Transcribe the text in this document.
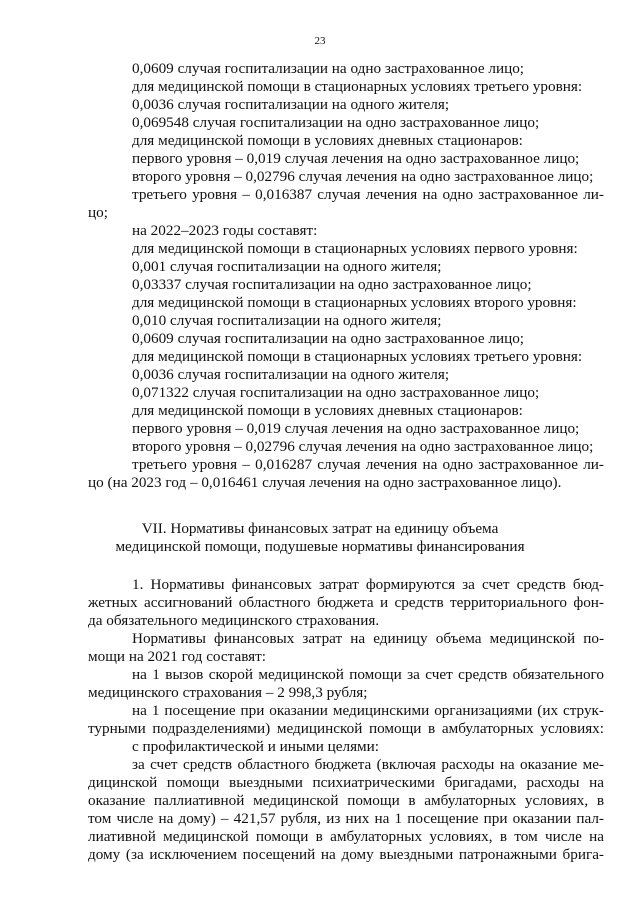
23
0,0609 случая госпитализации на одно застрахованное лицо;
для медицинской помощи в стационарных условиях третьего уровня:
0,0036 случая госпитализации на одного жителя;
0,069548 случая госпитализации на одно застрахованное лицо;
для медицинской помощи в условиях дневных стационаров:
первого уровня – 0,019 случая лечения на одно застрахованное лицо;
второго уровня – 0,02796 случая лечения на одно застрахованное лицо;
третьего уровня – 0,016387 случая лечения на одно застрахованное ли-
цо;
на 2022–2023 годы составят:
для медицинской помощи в стационарных условиях первого уровня:
0,001 случая госпитализации на одного жителя;
0,03337 случая госпитализации на одно застрахованное лицо;
для медицинской помощи в стационарных условиях второго уровня:
0,010 случая госпитализации на одного жителя;
0,0609 случая госпитализации на одно застрахованное лицо;
для медицинской помощи в стационарных условиях третьего уровня:
0,0036 случая госпитализации на одного жителя;
0,071322 случая госпитализации на одно застрахованное лицо;
для медицинской помощи в условиях дневных стационаров:
первого уровня – 0,019 случая лечения на одно застрахованное лицо;
второго уровня – 0,02796 случая лечения на одно застрахованное лицо;
третьего уровня – 0,016287 случая лечения на одно застрахованное ли-
цо (на 2023 год – 0,016461 случая лечения на одно застрахованное лицо).
VII. Нормативы финансовых затрат на единицу объема
медицинской помощи, подушевые нормативы финансирования
1. Нормативы финансовых затрат формируются за счет средств бюд-
жетных ассигнований областного бюджета и средств территориального фон-
да обязательного медицинского страхования.
Нормативы финансовых затрат на единицу объема медицинской по-
мощи на 2021 год составят:
на 1 вызов скорой медицинской помощи за счет средств обязательного
медицинского страхования – 2 998,3 рубля;
на 1 посещение при оказании медицинскими организациями (их струк-
турными подразделениями) медицинской помощи в амбулаторных условиях:
с профилактической и иными целями:
за счет средств областного бюджета (включая расходы на оказание ме-
дицинской помощи выездными психиатрическими бригадами, расходы на
оказание паллиативной медицинской помощи в амбулаторных условиях, в
том числе на дому) – 421,57 рубля, из них на 1 посещение при оказании пал-
лиативной медицинской помощи в амбулаторных условиях, в том числе на
дому (за исключением посещений на дому выездными патронажными брига-
